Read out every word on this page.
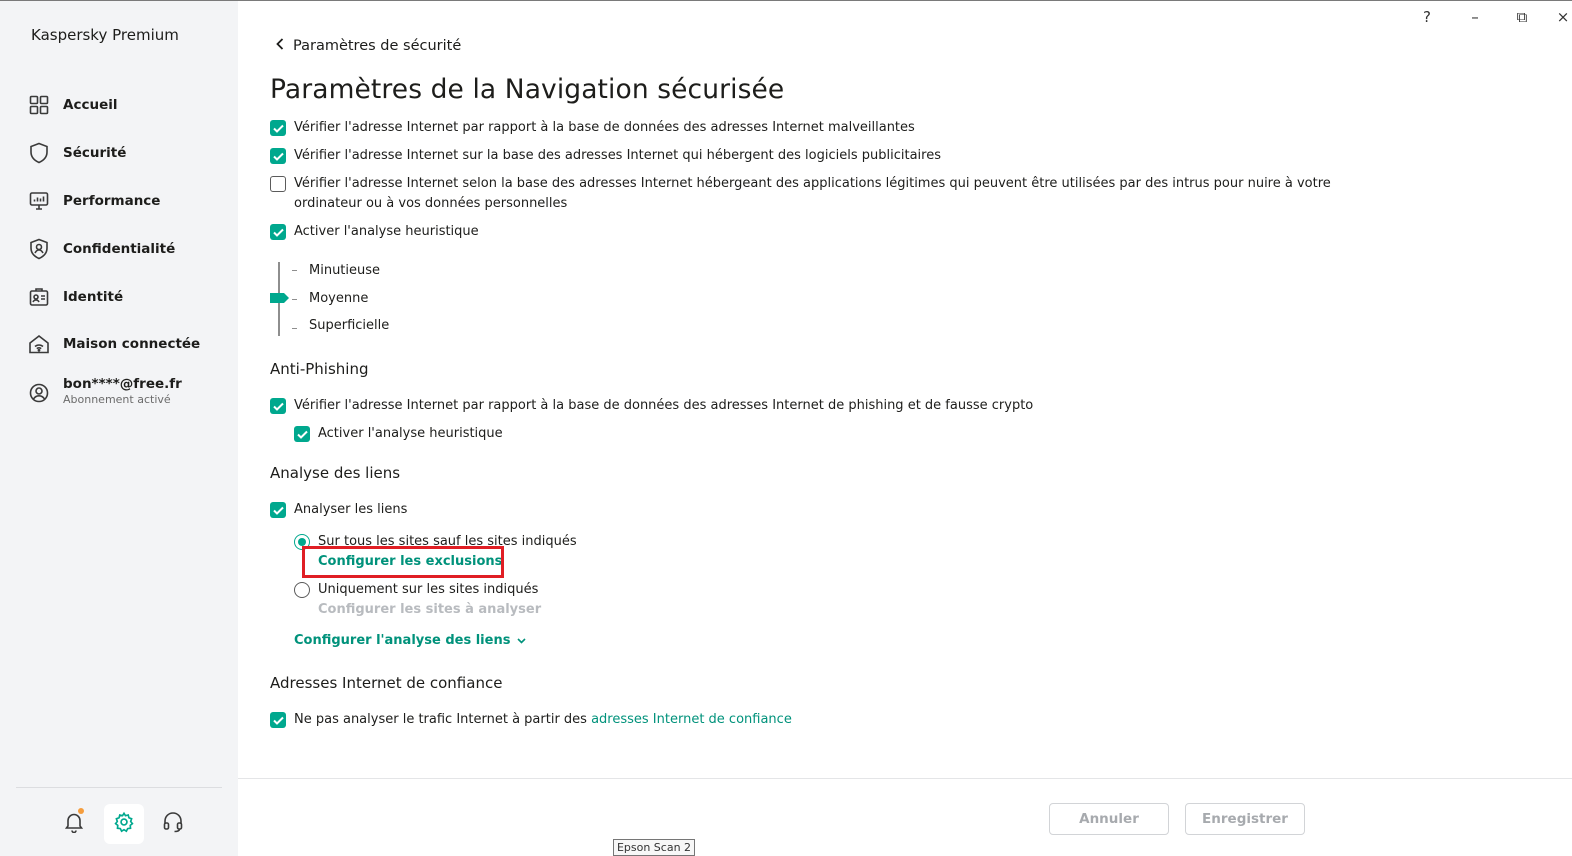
Kaspersky Premium
Accueil
Sécurité
Performance
Confidentialité
Identité
Maison connectée
bon****@free.fr
Abonnement activé
?	–	⧉ ×
Paramètres de sécurité
Paramètres de la Navigation sécurisée
Vérifier l'adresse Internet par rapport à la base de données des adresses Internet malveillantes
Vérifier l'adresse Internet sur la base des adresses Internet qui hébergent des logiciels publicitaires
Vérifier l'adresse Internet selon la base des adresses Internet hébergeant des applications légitimes qui peuvent être utilisées par des intrus pour nuire à votre
ordinateur ou à vos données personnelles
Activer l'analyse heuristique
Minutieuse
Moyenne
Superficielle
Anti-Phishing
Vérifier l'adresse Internet par rapport à la base de données des adresses Internet de phishing et de fausse crypto
Activer l'analyse heuristique
Analyse des liens
Analyser les liens
Sur tous les sites sauf les sites indiqués
Configurer les exclusions
Uniquement sur les sites indiqués
Configurer les sites à analyser
Configurer l'analyse des liens
Adresses Internet de confiance
Ne pas analyser le trafic Internet à partir des adresses Internet de confiance
Annuler	Enregistrer
Epson Scan 2
